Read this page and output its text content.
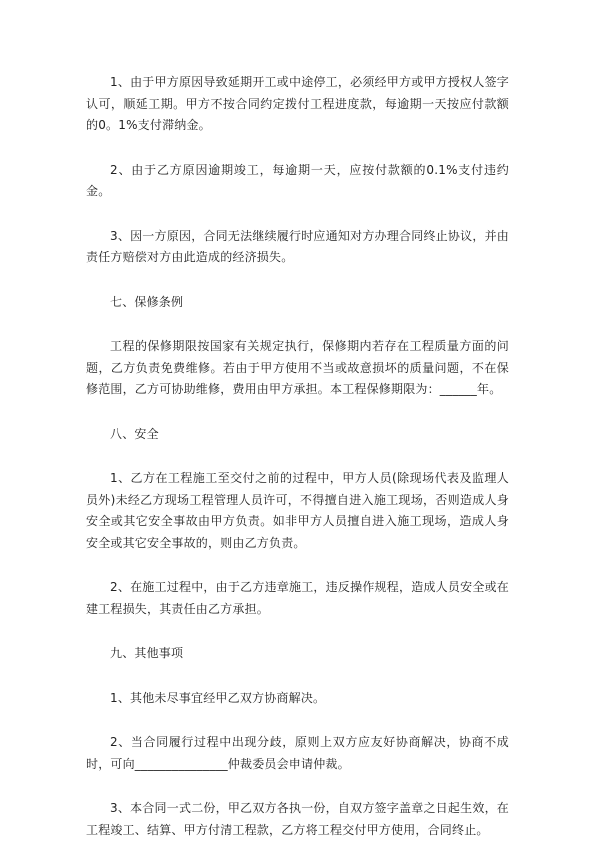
1、由于甲方原因导致延期开工或中途停工，必须经甲方或甲方授权人签字认可，顺延工期。甲方不按合同约定拨付工程进度款，每逾期一天按应付款额的0。1%支付滞纳金。

2、由于乙方原因逾期竣工，每逾期一天，应按付款额的0.1%支付违约金。

3、因一方原因，合同无法继续履行时应通知对方办理合同终止协议，并由责任方赔偿对方由此造成的经济损失。

七、保修条例

工程的保修期限按国家有关规定执行，保修期内若存在工程质量方面的问题，乙方负责免费维修。若由于甲方使用不当或故意损坏的质量问题，不在保修范围，乙方可协助维修，费用由甲方承担。本工程保修期限为：______年。

八、安全

1、乙方在工程施工至交付之前的过程中，甲方人员(除现场代表及监理人员外)未经乙方现场工程管理人员许可，不得擅自进入施工现场，否则造成人身安全或其它安全事故由甲方负责。如非甲方人员擅自进入施工现场，造成人身安全或其它安全事故的，则由乙方负责。

2、在施工过程中，由于乙方违章施工，违反操作规程，造成人员安全或在建工程损失，其责任由乙方承担。

九、其他事项

1、其他未尽事宜经甲乙双方协商解决。

2、当合同履行过程中出现分歧，原则上双方应友好协商解决，协商不成时，可向_______________仲裁委员会申请仲裁。

3、本合同一式二份，甲乙双方各执一份，自双方签字盖章之日起生效，在工程竣工、结算、甲方付清工程款，乙方将工程交付甲方使用，合同终止。
